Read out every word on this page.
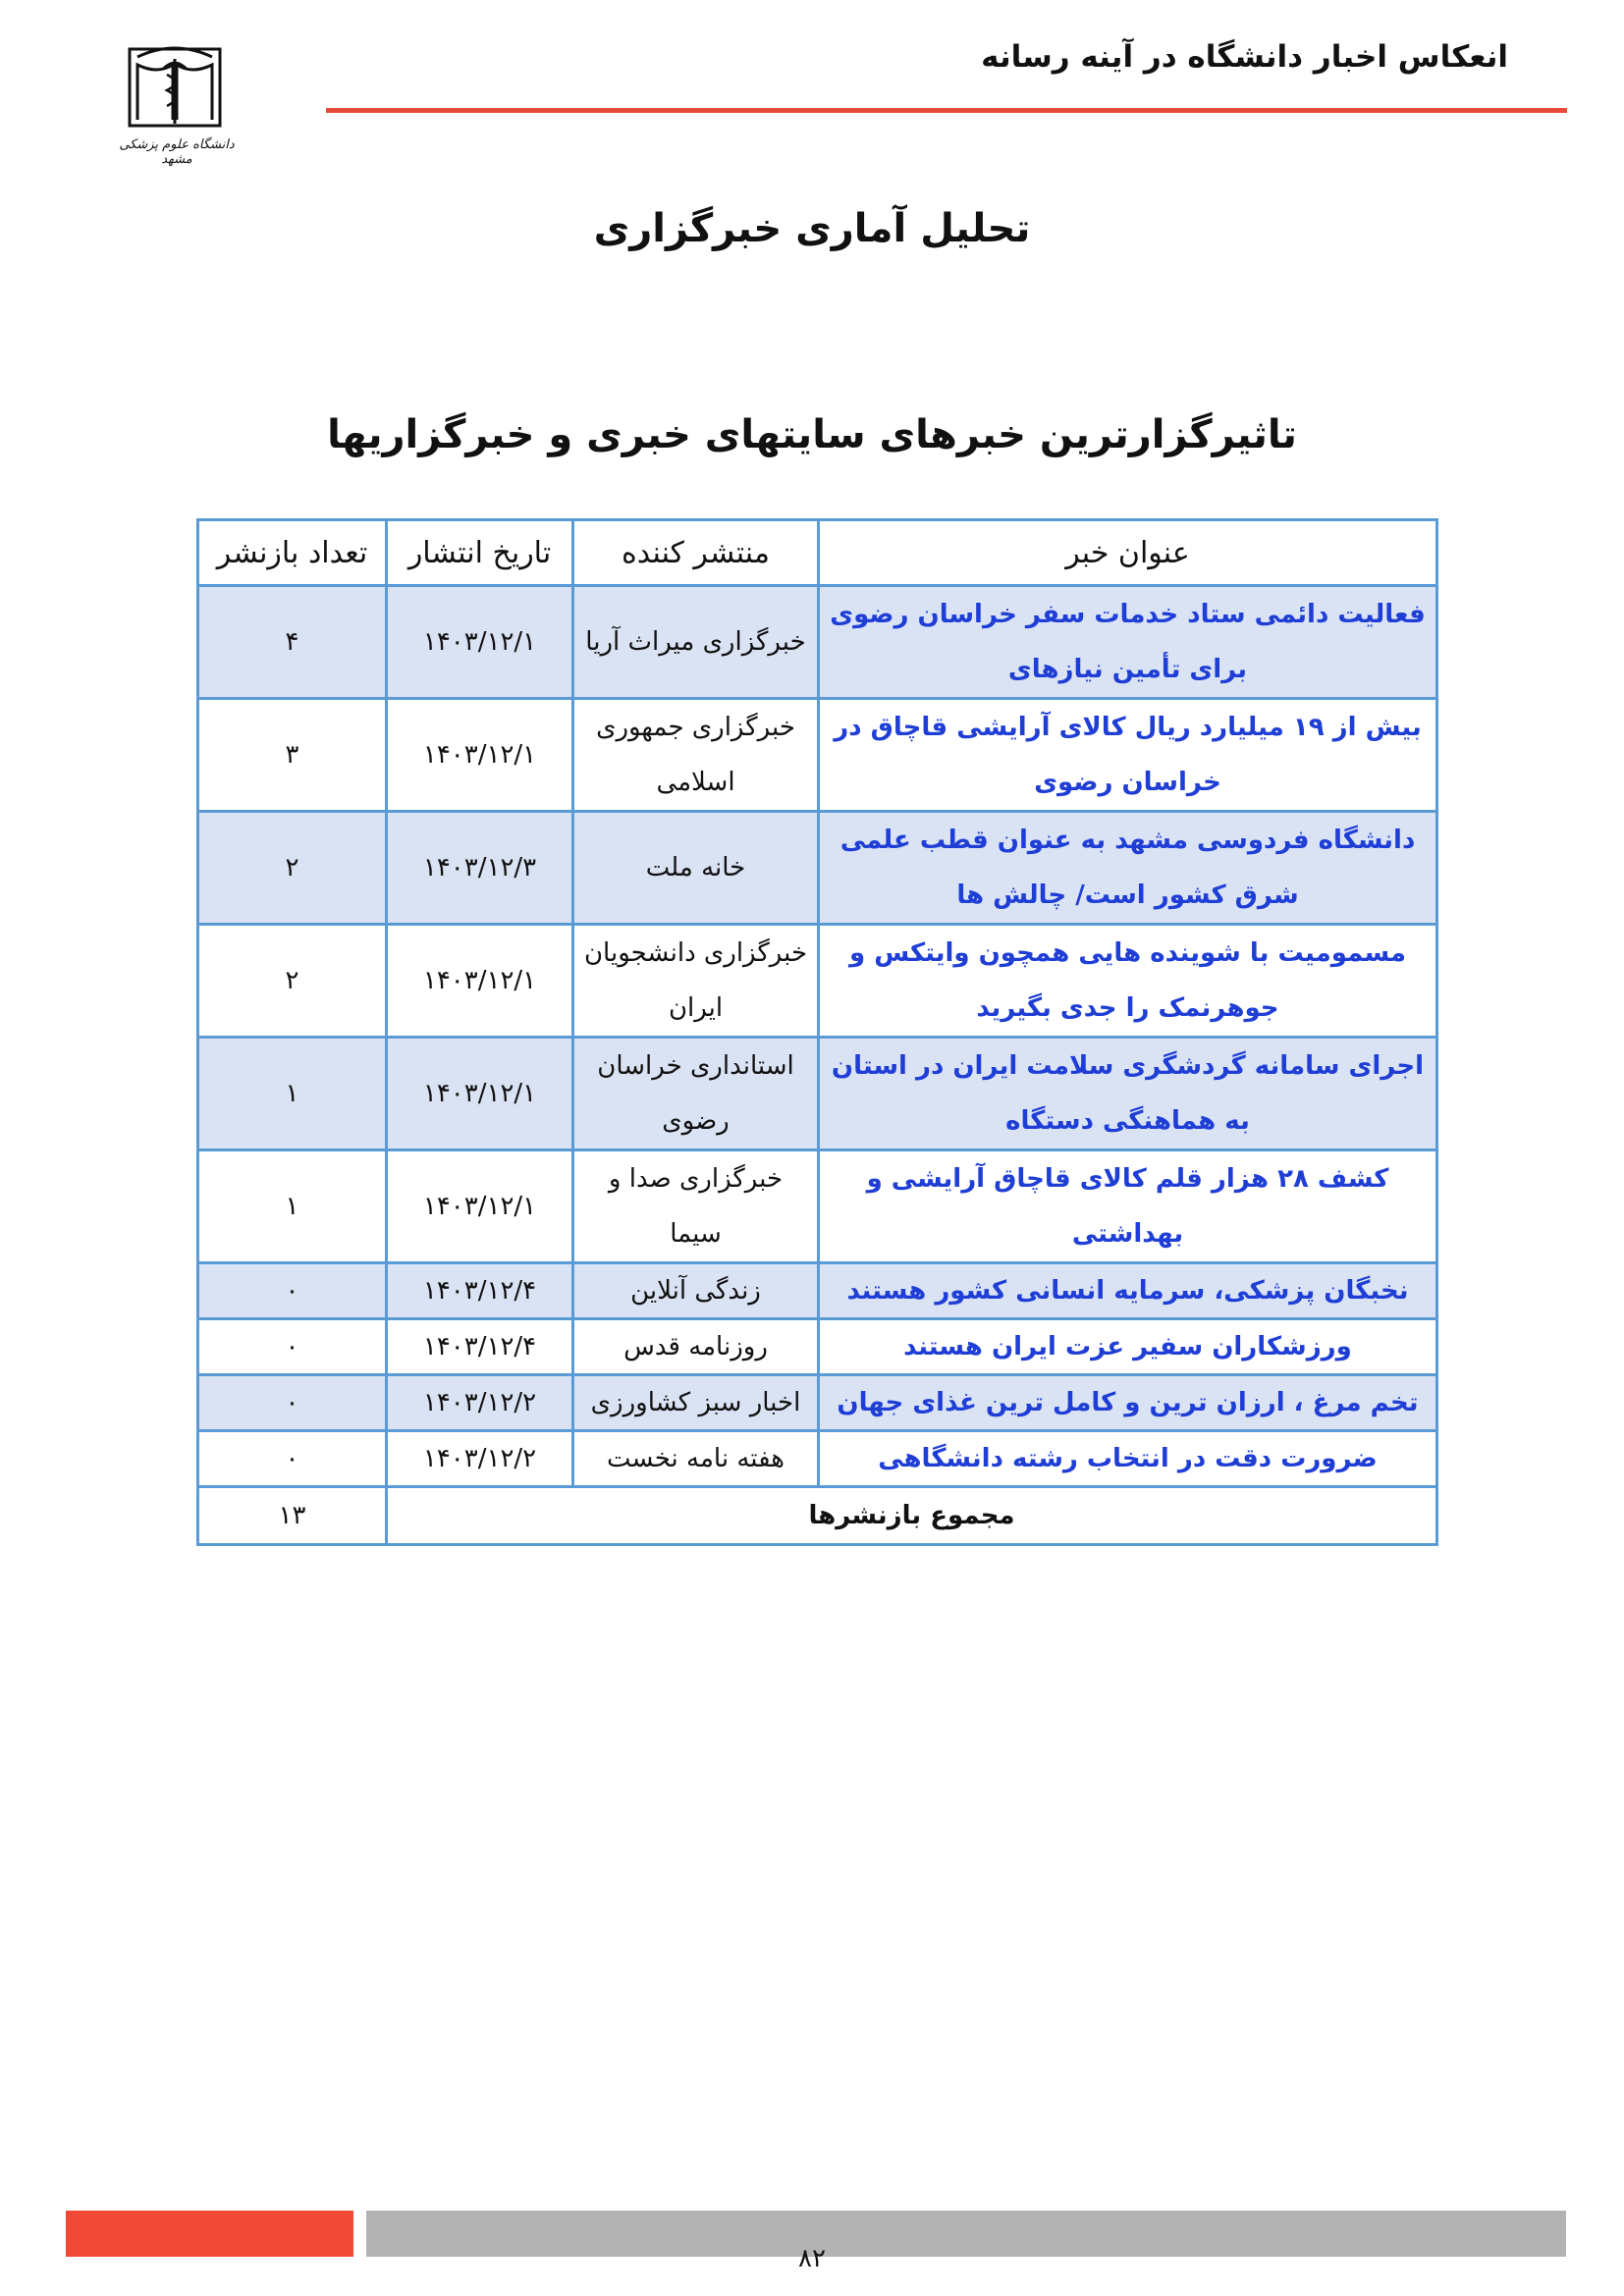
انعکاس اخبار دانشگاه در آینه رسانه
دانشگاه علوم پزشکی مشهد
تحلیل آماری خبرگزاری
تاثیرگزارترین خبرهای سایتهای خبری و خبرگزاریها
عنوان خبر	منتشر کننده	تاریخ انتشار	تعداد بازنشر
فعالیت دائمی ستاد خدمات سفر خراسان رضوی برای تأمین نیازهای	خبرگزاری میراث آریا	۱۴۰۳/۱۲/۱	۴
بیش از ۱۹ میلیارد ریال کالای آرایشی قاچاق در خراسان رضوی	خبرگزاری جمهوری اسلامی	۱۴۰۳/۱۲/۱	۳
دانشگاه فردوسی مشهد به عنوان قطب علمی شرق کشور است/ چالش ها	خانه ملت	۱۴۰۳/۱۲/۳	۲
مسمومیت با شوینده هایی همچون وایتکس و جوهرنمک را جدی بگیرید	خبرگزاری دانشجویان ایران	۱۴۰۳/۱۲/۱	۲
اجرای سامانه گردشگری سلامت ایران در استان به هماهنگی دستگاه	استانداری خراسان رضوی	۱۴۰۳/۱۲/۱	۱
کشف ۲۸ هزار قلم کالای قاچاق آرایشی و بهداشتی	خبرگزاری صدا و سیما	۱۴۰۳/۱۲/۱	۱
نخبگان پزشکی، سرمایه انسانی کشور هستند	زندگی آنلاین	۱۴۰۳/۱۲/۴	۰
ورزشکاران سفیر عزت ایران هستند	روزنامه قدس	۱۴۰۳/۱۲/۴	۰
تخم مرغ ، ارزان ترین و کامل ترین غذای جهان	اخبار سبز کشاورزی	۱۴۰۳/۱۲/۲	۰
ضرورت دقت در انتخاب رشته دانشگاهی	هفته نامه نخست	۱۴۰۳/۱۲/۲	۰
مجموع بازنشرها			۱۳
۸۲
